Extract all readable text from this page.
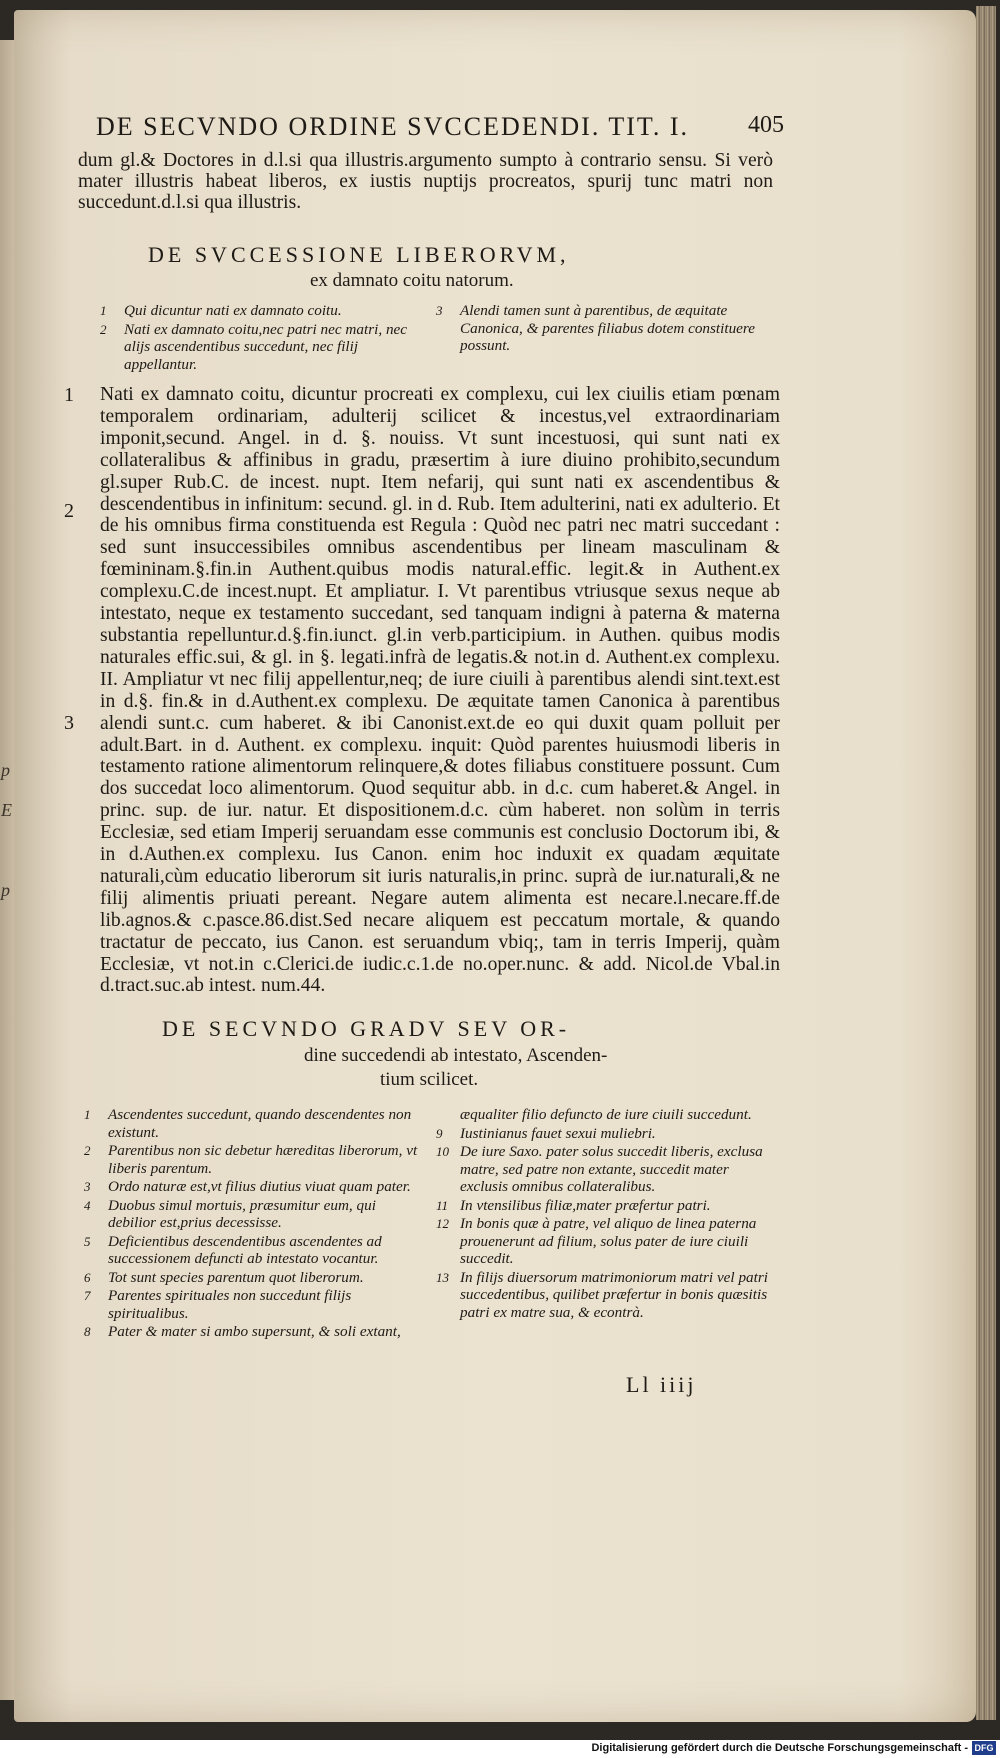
p
E
p
DE SECVNDO ORDINE SVCCEDENDI. TIT. I. 405
dum gl.& Doctores in d.l.si qua illustris.argumento sumpto à contrario sensu. Si verò mater illustris habeat liberos, ex iustis nuptijs procreatos, spurij tunc matri non succedunt.d.l.si qua illustris.
DE SVCCESSIONE LIBERORVM,
ex damnato coitu natorum.
1	Qui dicuntur nati ex damnato coitu.
2	Nati ex damnato coitu,nec patri nec matri, nec alijs ascendentibus succedunt, nec filij appellantur.
3	Alendi tamen sunt à parentibus, de æquitate Canonica, & parentes filiabus dotem constituere possunt.
1
2
3
Nati ex damnato coitu, dicuntur procreati ex complexu, cui lex ciuilis etiam pœnam temporalem ordinariam, adulterij scilicet & incestus,vel extraordinariam imponit,secund. Angel. in d. §. nouiss. Vt sunt incestuosi, qui sunt nati ex collateralibus & affinibus in gradu, præsertim à iure diuino prohibito,secundum gl.super Rub.C. de incest. nupt. Item nefarij, qui sunt nati ex ascendentibus & descendentibus in infinitum: secund. gl. in d. Rub. Item adulterini, nati ex adulterio. Et de his omnibus firma constituenda est Regula : Quòd nec patri nec matri succedant : sed sunt insuccessibiles omnibus ascendentibus per lineam masculinam & fœmininam.§.fin.in Authent.quibus modis natural.effic. legit.& in Authent.ex complexu.C.de incest.nupt. Et ampliatur. I. Vt parentibus vtriusque sexus neque ab intestato, neque ex testamento succedant, sed tanquam indigni à paterna & materna substantia repelluntur.d.§.fin.iunct. gl.in verb.participium. in Authen. quibus modis naturales effic.sui, & gl. in §. legati.infrà de legatis.& not.in d. Authent.ex complexu. II. Ampliatur vt nec filij appellentur,neq; de iure ciuili à parentibus alendi sint.text.est in d.§. fin.& in d.Authent.ex complexu. De æquitate tamen Canonica à parentibus alendi sunt.c. cum haberet. & ibi Canonist.ext.de eo qui duxit quam polluit per adult.Bart. in d. Authent. ex complexu. inquit: Quòd parentes huiusmodi liberis in testamento ratione alimentorum relinquere,& dotes filiabus constituere possunt. Cum dos succedat loco alimentorum. Quod sequitur abb. in d.c. cum haberet.& Angel. in princ. sup. de iur. natur. Et dispositionem.d.c. cùm haberet. non solùm in terris Ecclesiæ, sed etiam Imperij seruandam esse communis est conclusio Doctorum ibi, & in d.Authen.ex complexu. Ius Canon. enim hoc induxit ex quadam æquitate naturali,cùm educatio liberorum sit iuris naturalis,in princ. suprà de iur.naturali,& ne filij alimentis priuati pereant. Negare autem alimenta est necare.l.necare.ff.de lib.agnos.& c.pasce.86.dist.Sed necare aliquem est peccatum mortale, & quando tractatur de peccato, ius Canon. est seruandum vbiq;, tam in terris Imperij, quàm Ecclesiæ, vt not.in c.Clerici.de iudic.c.1.de no.oper.nunc. & add. Nicol.de Vbal.in d.tract.suc.ab intest. num.44.
DE SECVNDO GRADV SEV OR-
dine succedendi ab intestato, Ascenden-
tium scilicet.
1	Ascendentes succedunt, quando descendentes non existunt.
2	Parentibus non sic debetur hæreditas liberorum, vt liberis parentum.
3	Ordo naturæ est,vt filius diutius viuat quam pater.
4	Duobus simul mortuis, præsumitur eum, qui debilior est,prius decessisse.
5	Deficientibus descendentibus ascendentes ad successionem defuncti ab intestato vocantur.
6	Tot sunt species parentum quot liberorum.
7	Parentes spirituales non succedunt filijs spiritualibus.
8	Pater & mater si ambo supersunt, & soli extant,
æqualiter filio defuncto de iure ciuili succedunt.
9	Iustinianus fauet sexui muliebri.
10 De iure Saxo. pater solus succedit liberis, exclusa matre, sed patre non extante, succedit mater exclusis omnibus collateralibus.
11 In vtensilibus filiæ,mater præfertur patri.
12 In bonis quæ à patre, vel aliquo de linea paterna prouenerunt ad filium, solus pater de iure ciuili succedit.
13 In filijs diuersorum matrimoniorum matri vel patri succedentibus, quilibet præfertur in bonis quæsitis patri ex matre sua, & econtrà.
Ll iiij
Digitalisierung gefördert durch die Deutsche Forschungsgemeinschaft - DFG
